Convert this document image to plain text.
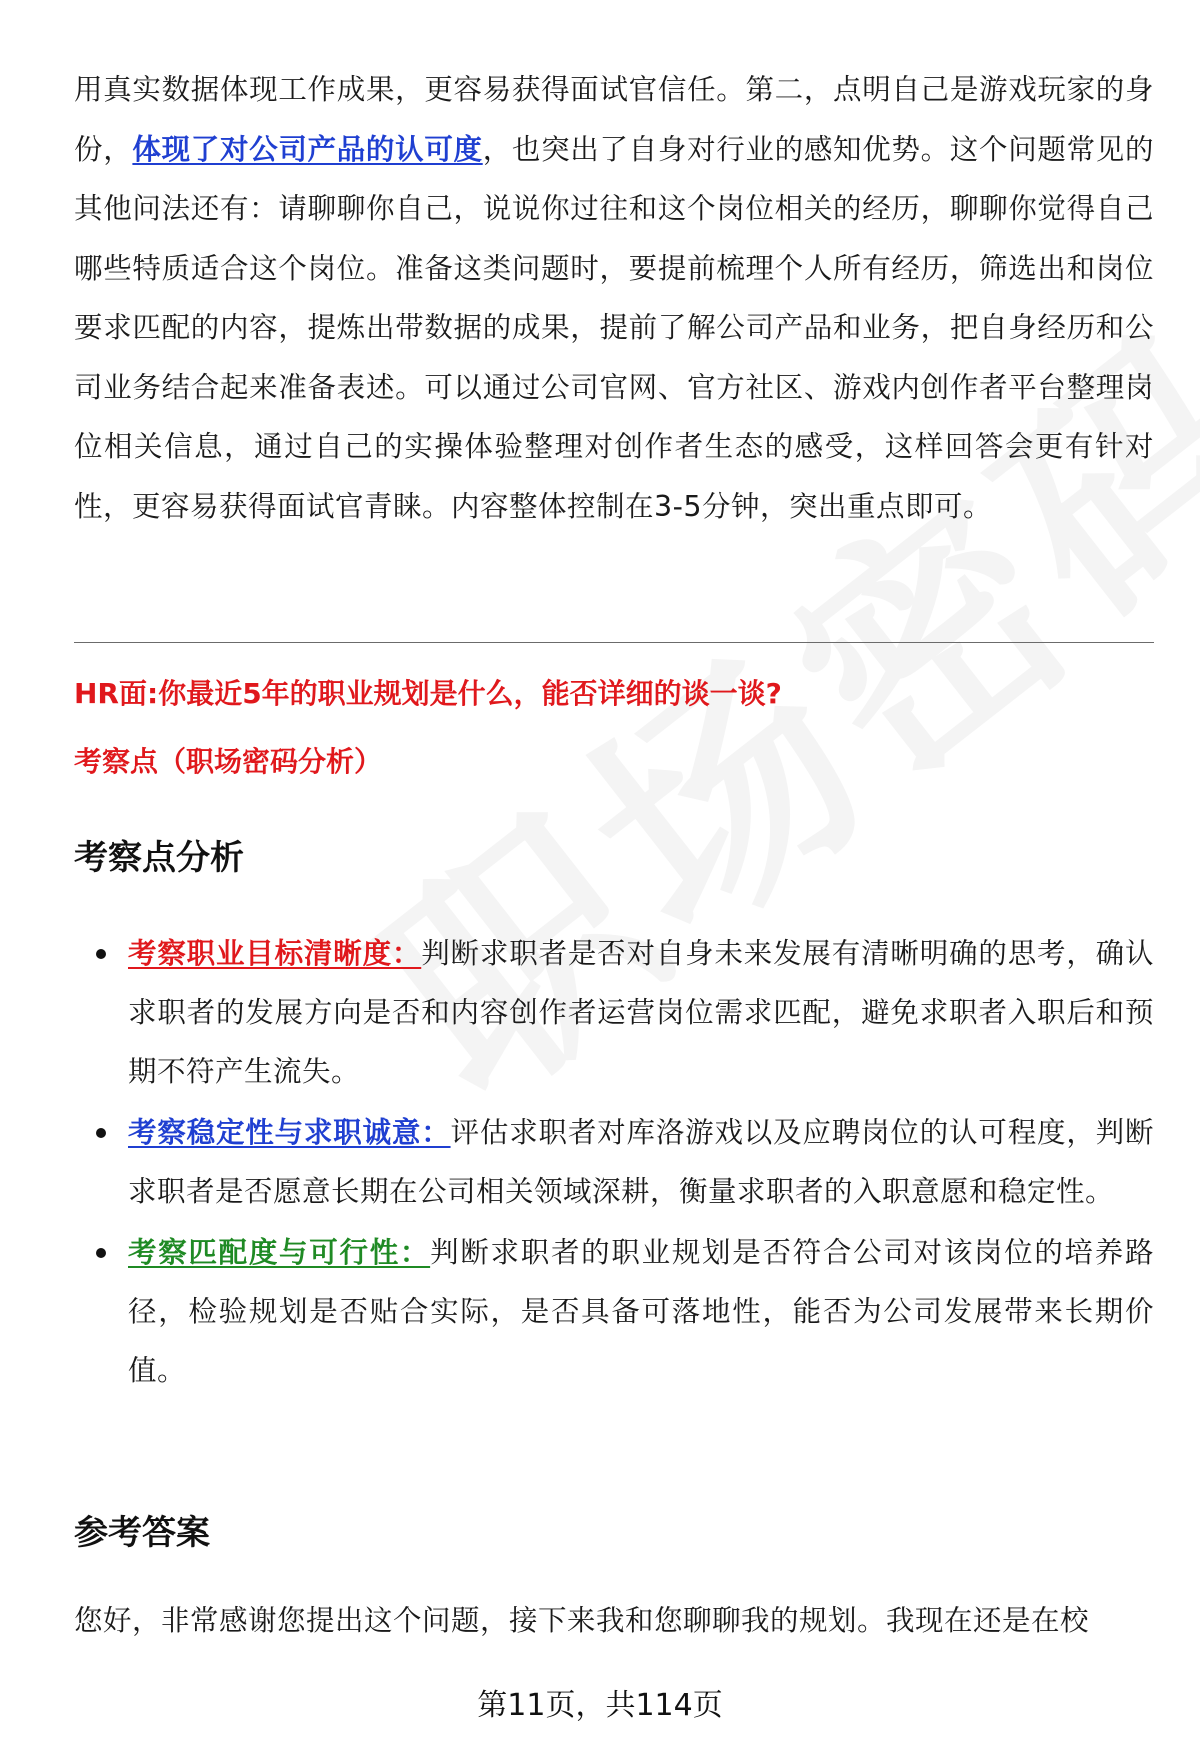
用真实数据体现工作成果，更容易获得面试官信任。第二，点明自己是游戏玩家的身份，体现了对公司产品的认可度，也突出了自身对行业的感知优势。这个问题常见的其他问法还有：请聊聊你自己，说说你过往和这个岗位相关的经历，聊聊你觉得自己哪些特质适合这个岗位。准备这类问题时，要提前梳理个人所有经历，筛选出和岗位要求匹配的内容，提炼出带数据的成果，提前了解公司产品和业务，把自身经历和公司业务结合起来准备表述。可以通过公司官网、官方社区、游戏内创作者平台整理岗位相关信息，通过自己的实操体验整理对创作者生态的感受，这样回答会更有针对性，更容易获得面试官青睐。内容整体控制在3-5分钟，突出重点即可。

HR面:你最近5年的职业规划是什么，能否详细的谈一谈?

考察点（职场密码分析）

考察点分析
考察职业目标清晰度：判断求职者是否对自身未来发展有清晰明确的思考，确认求职者的发展方向是否和内容创作者运营岗位需求匹配，避免求职者入职后和预期不符产生流失。
考察稳定性与求职诚意：评估求职者对库洛游戏以及应聘岗位的认可程度，判断求职者是否愿意长期在公司相关领域深耕，衡量求职者的入职意愿和稳定性。
考察匹配度与可行性：判断求职者的职业规划是否符合公司对该岗位的培养路径，检验规划是否贴合实际，是否具备可落地性，能否为公司发展带来长期价值。
参考答案

您好，非常感谢您提出这个问题，接下来我和您聊聊我的规划。我现在还是在校

第11页，共114页
